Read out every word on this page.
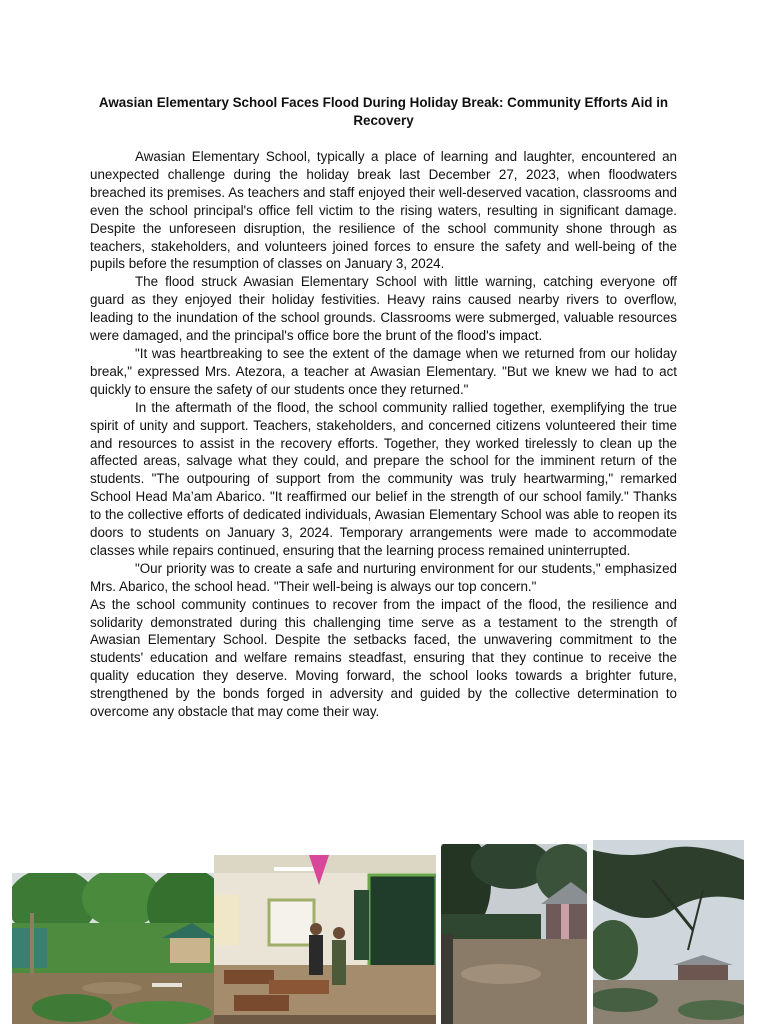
Awasian Elementary School Faces Flood During Holiday Break: Community Efforts Aid in Recovery

Awasian Elementary School, typically a place of learning and laughter, encountered an unexpected challenge during the holiday break last December 27, 2023, when floodwaters breached its premises. As teachers and staff enjoyed their well-deserved vacation, classrooms and even the school principal's office fell victim to the rising waters, resulting in significant damage. Despite the unforeseen disruption, the resilience of the school community shone through as teachers, stakeholders, and volunteers joined forces to ensure the safety and well-being of the pupils before the resumption of classes on January 3, 2024.

The flood struck Awasian Elementary School with little warning, catching everyone off guard as they enjoyed their holiday festivities. Heavy rains caused nearby rivers to overflow, leading to the inundation of the school grounds. Classrooms were submerged, valuable resources were damaged, and the principal's office bore the brunt of the flood's impact.

"It was heartbreaking to see the extent of the damage when we returned from our holiday break," expressed Mrs. Atezora, a teacher at Awasian Elementary. "But we knew we had to act quickly to ensure the safety of our students once they returned."

In the aftermath of the flood, the school community rallied together, exemplifying the true spirit of unity and support. Teachers, stakeholders, and concerned citizens volunteered their time and resources to assist in the recovery efforts. Together, they worked tirelessly to clean up the affected areas, salvage what they could, and prepare the school for the imminent return of the students. "The outpouring of support from the community was truly heartwarming," remarked School Head Ma’am Abarico. "It reaffirmed our belief in the strength of our school family." Thanks to the collective efforts of dedicated individuals, Awasian Elementary School was able to reopen its doors to students on January 3, 2024. Temporary arrangements were made to accommodate classes while repairs continued, ensuring that the learning process remained uninterrupted.

"Our priority was to create a safe and nurturing environment for our students," emphasized Mrs. Abarico, the school head. "Their well-being is always our top concern."

As the school community continues to recover from the impact of the flood, the resilience and solidarity demonstrated during this challenging time serve as a testament to the strength of Awasian Elementary School. Despite the setbacks faced, the unwavering commitment to the students' education and welfare remains steadfast, ensuring that they continue to receive the quality education they deserve. Moving forward, the school looks towards a brighter future, strengthened by the bonds forged in adversity and guided by the collective determination to overcome any obstacle that may come their way.
